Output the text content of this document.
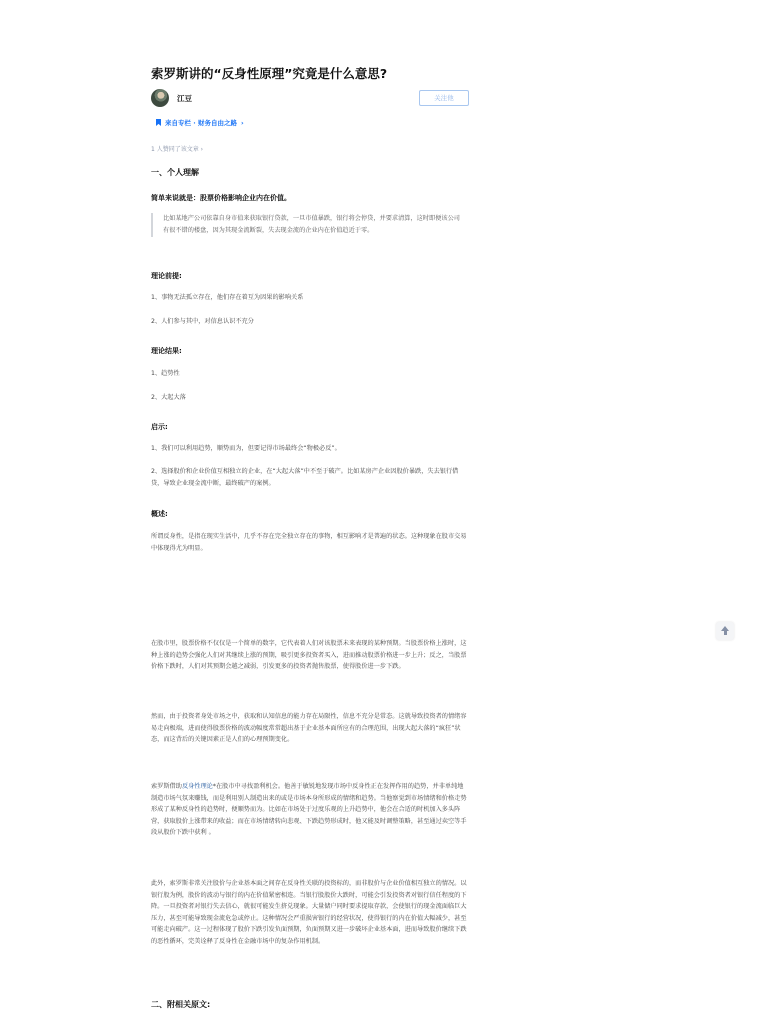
索罗斯讲的“反身性原理”究竟是什么意思?
江豆	关注他
来自专栏 · 财务自由之路 ›
1 人赞同了该文章 ›
一、个人理解
简单来说就是：股票价格影响企业内在价值。
比如某地产公司依靠自身市值来获取银行贷款，一旦市值暴跌，银行将会停贷，并要求清算，这时即便该公司有很不错的楼盘，因为其现金流断裂，失去现金流的企业内在价值趋近于零。
理论前提:
1、事物无法孤立存在，他们存在着互为因果的影响关系
2、人们参与其中，对信息认识不充分
理论结果:
1、趋势性
2、大起大落
启示:
1、我们可以利用趋势，顺势而为，但要记得市场最终会“物极必反”。
2、选择股价和企业价值互相独立的企业，在“大起大落”中不至于破产。比如某房产企业因股价暴跌，失去银行借贷，导致企业现金流中断，最终破产的案例。
概述:
所谓反身性，是指在现实生活中，几乎不存在完全独立存在的事物，相互影响才是普遍的状态。这种现象在股市交易中体现得尤为明显。
在股市里，股票价格不仅仅是一个简单的数字，它代表着人们对该股票未来表现的某种预期。当股票价格上涨时，这种上涨的趋势会强化人们对其继续上涨的预期，吸引更多投资者买入，进而推动股票价格进一步上升；反之，当股票价格下跌时，人们对其预期会越之减弱，引发更多的投资者抛售股票，使得股价进一步下跌。
然而，由于投资者身处市场之中，获取和认知信息的能力存在局限性，信息不充分是常态。这就导致投资者的情绪容易走向极端，进而使得股票价格的波动幅度常常超出基于企业基本面所应有的合理范围，出现大起大落的“疯狂”状态，而这背后的关键因素正是人们的心理预期变化。
索罗斯借助反身性理论*在股市中寻找盈利机会。他善于敏锐地发现市场中反身性正在发挥作用的趋势，并非单纯地制造市场气氛来赚钱，而是利用别人制造出来的或是市场本身所形成的情绪和趋势。当他察觉到市场情绪和价格走势形成了某种反身性的趋势时，便顺势而为。比如在市场处于过度乐观的上升趋势中，他会在合适的时机加入多头阵营，获取股价上涨带来的收益；而在市场情绪转向悲观、下跌趋势形成时，他又能及时调整策略，甚至通过卖空等手段从股价下跌中获利 。
此外，索罗斯非常关注股价与企业基本面之间存在反身性关联的投资标的，而非股价与企业价值相互独立的情况。以银行股为例，股价的波动与银行的内在价值紧密相连。当银行股股价大跌时，可能会引发投资者对银行信任程度的下降。一旦投资者对银行失去信心，就很可能发生挤兑现象。大量储户同时要求提取存款，会使银行的现金流面临巨大压力，甚至可能导致现金流危急或停止。这种情况会严重损害银行的经营状况，使得银行的内在价值大幅减少，甚至可能走向破产。这一过程体现了股价下跌引发负面预期，负面预期又进一步破坏企业基本面，进而导致股价继续下跌的恶性循环，完美诠释了反身性在金融市场中的复杂作用机制。
二、附相关原文:
